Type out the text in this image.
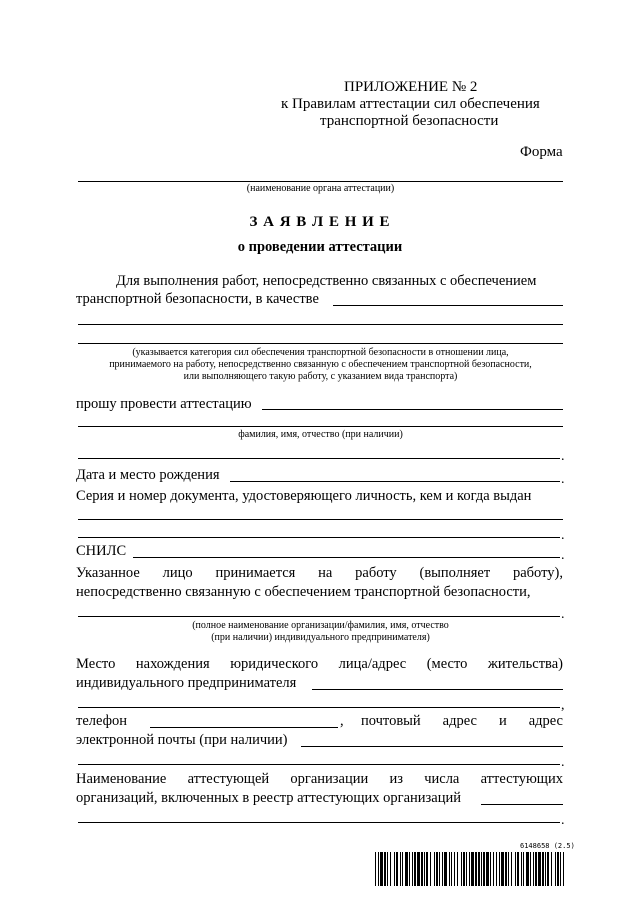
ПРИЛОЖЕНИЕ № 2
к Правилам аттестации сил обеспечения
транспортной безопасности
Форма
(наименование органа аттестации)
З А Я В Л Е Н И Е
о проведении аттестации
Для выполнения работ, непосредственно связанных с обеспечением
транспортной безопасности, в качестве
(указывается категория сил обеспечения транспортной безопасности в отношении лица,
принимаемого на работу, непосредственно связанную с обеспечением транспортной безопасности,
или выполняющего такую работу, с указанием вида транспорта)
прошу провести аттестацию
фамилия, имя, отчество (при наличии)
.
Дата и место рождения	.
Серия и номер документа, удостоверяющего личность, кем и когда выдан
.
СНИЛС	.
Указанное лицо принимается на работу (выполняет работу),
непосредственно связанную с обеспечением транспортной безопасности,
.
(полное наименование организации/фамилия, имя, отчество
(при наличии) индивидуального предпринимателя)
Место нахождения юридического лица/адрес (место жительства)
индивидуального предпринимателя
,
телефон	, почтовый адрес и адрес
электронной почты (при наличии)
.
Наименование аттестующей организации из числа аттестующих
организаций, включенных в реестр аттестующих организаций
.
6148658 (2.5)
